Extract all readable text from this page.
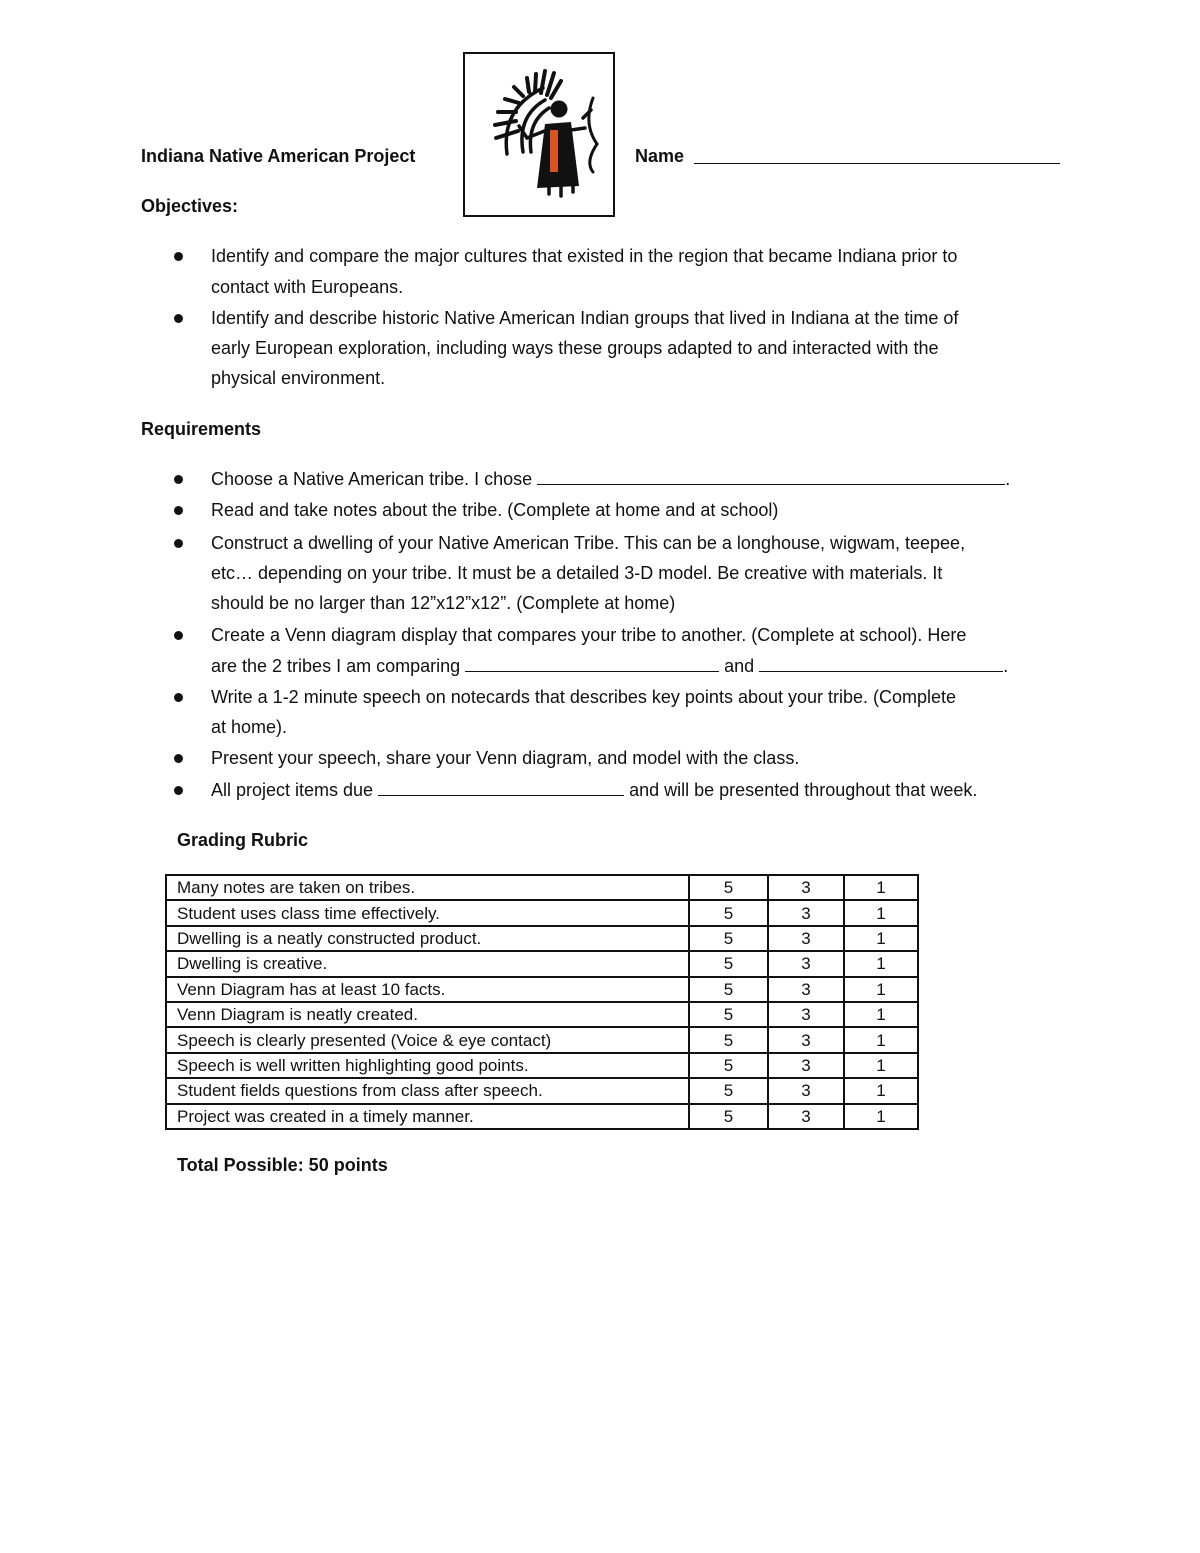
Indiana Native American Project	Name
Objectives:
Identify and compare the major cultures that existed in the region that became Indiana prior to
contact with Europeans.
Identify and describe historic Native American Indian groups that lived in Indiana at the time of
early European exploration, including ways these groups adapted to and interacted with the
physical environment.
Requirements
Choose a Native American tribe. I chose	.
Read and take notes about the tribe. (Complete at home and at school)
Construct a dwelling of your Native American Tribe. This can be a longhouse, wigwam, teepee,
etc… depending on your tribe. It must be a detailed 3-D model. Be creative with materials. It
should be no larger than 12”x12”x12”. (Complete at home)
Create a Venn diagram display that compares your tribe to another. (Complete at school). Here
are the 2 tribes I am comparing	and	.
Write a 1-2 minute speech on notecards that describes key points about your tribe. (Complete
at home).
Present your speech, share your Venn diagram, and model with the class.
All project items due	and will be presented throughout that week.
Grading Rubric
Many notes are taken on tribes.	5	3	1
Student uses class time effectively.	5	3	1
Dwelling is a neatly constructed product.	5	3	1
Dwelling is creative.	5	3	1
Venn Diagram has at least 10 facts.	5	3	1
Venn Diagram is neatly created.	5	3	1
Speech is clearly presented (Voice & eye contact)	5	3	1
Speech is well written highlighting good points.	5	3	1
Student fields questions from class after speech.	5	3	1
Project was created in a timely manner.	5	3	1
Total Possible: 50 points
